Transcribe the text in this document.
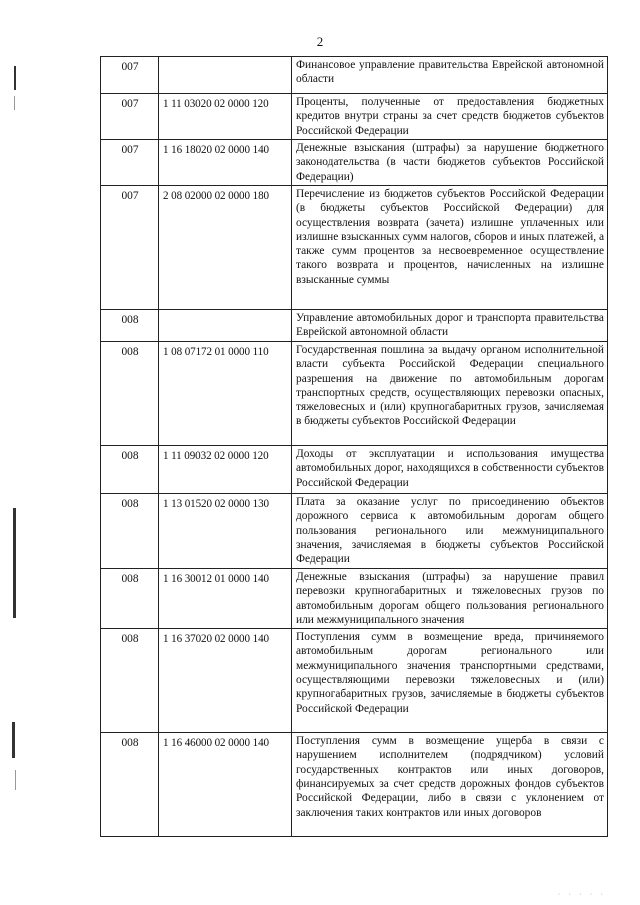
2
007		Финансовое управление правительства Еврейской автономной области
007	1 11 03020 02 0000 120	Проценты, полученные от предоставления бюджетных кредитов внутри страны за счет средств бюджетов субъектов Российской Федерации
007	1 16 18020 02 0000 140	Денежные взыскания (штрафы) за нарушение бюджетного законодательства (в части бюджетов субъектов Российской Федерации)
007	2 08 02000 02 0000 180	Перечисление из бюджетов субъектов Российской Федерации (в бюджеты субъектов Российской Федерации) для осуществления возврата (зачета) излишне уплаченных или излишне взысканных сумм налогов, сборов и иных платежей, а также сумм процентов за несвоевременное осуществление такого возврата и процентов, начисленных на излишне взысканные суммы
008		Управление автомобильных дорог и транспорта правительства Еврейской автономной области
008	1 08 07172 01 0000 110	Государственная пошлина за выдачу органом исполнительной власти субъекта Российской Федерации специального разрешения на движение по автомобильным дорогам транспортных средств, осуществляющих перевозки опасных, тяжеловесных и (или) крупногабаритных грузов, зачисляемая в бюджеты субъектов Российской Федерации
008	1 11 09032 02 0000 120	Доходы от эксплуатации и использования имущества автомобильных дорог, находящихся в собственности субъектов Российской Федерации
008	1 13 01520 02 0000 130	Плата за оказание услуг по присоединению объектов дорожного сервиса к автомобильным дорогам общего пользования регионального или межмуниципального значения, зачисляемая в бюджеты субъектов Российской Федерации
008	1 16 30012 01 0000 140	Денежные взыскания (штрафы) за нарушение правил перевозки крупногабаритных и тяжеловесных грузов по автомобильным дорогам общего пользования регионального или межмуниципального значения
008	1 16 37020 02 0000 140	Поступления сумм в возмещение вреда, причиняемого автомобильным дорогам регионального или межмуниципального значения транспортными средствами, осуществляющими перевозки тяжеловесных и (или) крупногабаритных грузов, зачисляемые в бюджеты субъектов Российской Федерации
008	1 16 46000 02 0000 140	Поступления сумм в возмещение ущерба в связи с нарушением исполнителем (подрядчиком) условий государственных контрактов или иных договоров, финансируемых за счет средств дорожных фондов субъектов Российской Федерации, либо в связи с уклонением от заключения таких контрактов или иных договоров
· · · · ·
